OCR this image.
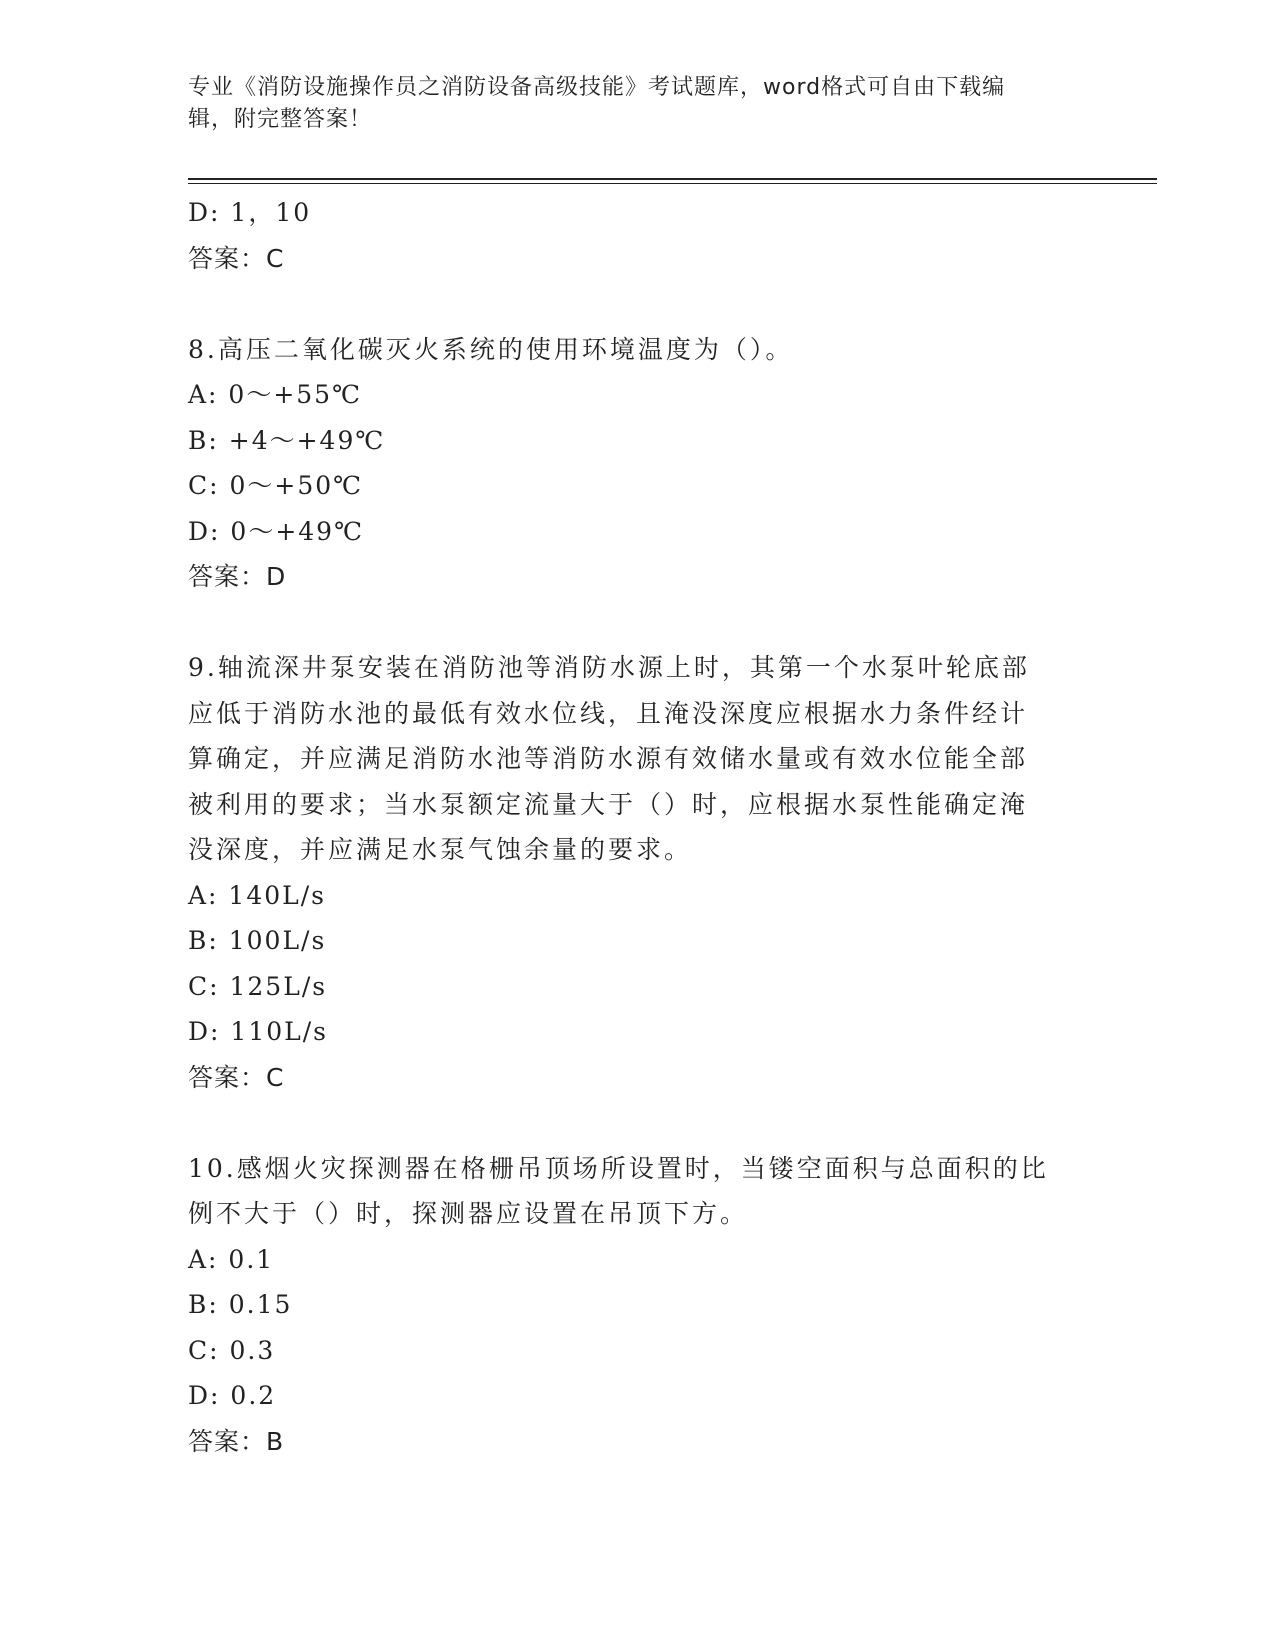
专业《消防设施操作员之消防设备高级技能》考试题库，word格式可自由下载编
辑，附完整答案！
D: 1，10
答案：C
8.高压二氧化碳灭火系统的使用环境温度为（）。
A: 0～+55℃
B: +4～+49℃
C: 0～+50℃
D: 0～+49℃
答案：D
9.轴流深井泵安装在消防池等消防水源上时，其第一个水泵叶轮底部
应低于消防水池的最低有效水位线，且淹没深度应根据水力条件经计
算确定，并应满足消防水池等消防水源有效储水量或有效水位能全部
被利用的要求；当水泵额定流量大于（）时，应根据水泵性能确定淹
没深度，并应满足水泵气蚀余量的要求。
A: 140L/s
B: 100L/s
C: 125L/s
D: 110L/s
答案：C
10.感烟火灾探测器在格栅吊顶场所设置时，当镂空面积与总面积的比
例不大于（）时，探测器应设置在吊顶下方。
A: 0.1
B: 0.15
C: 0.3
D: 0.2
答案：B
